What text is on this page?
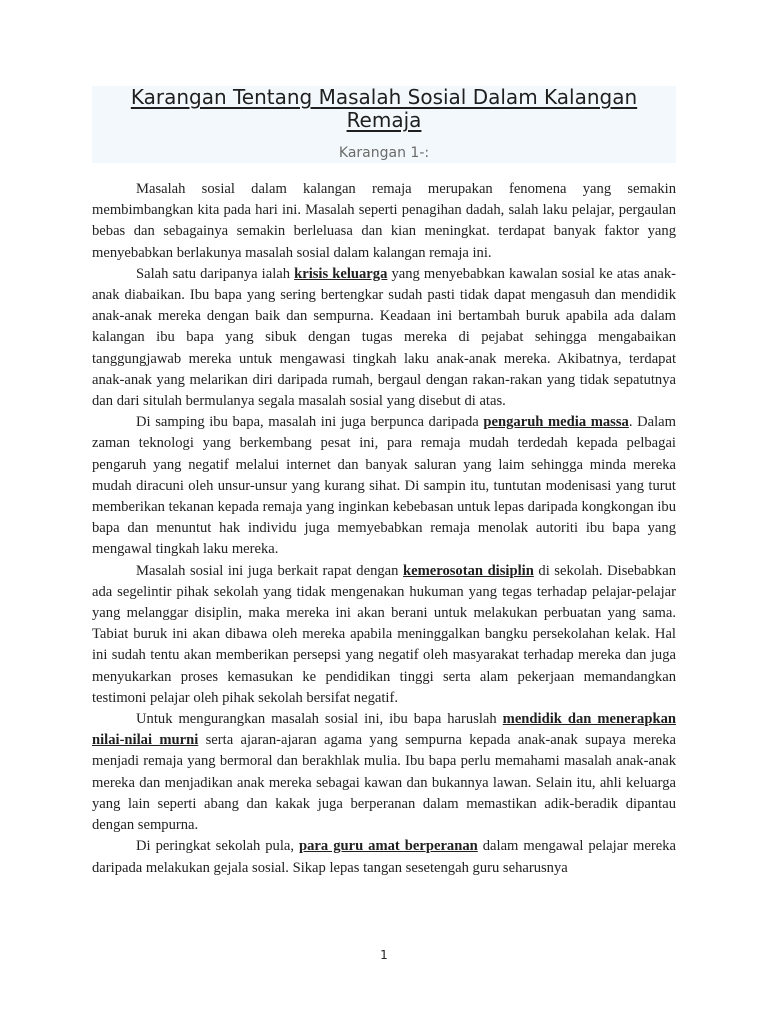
Karangan Tentang Masalah Sosial Dalam Kalangan Remaja
Karangan 1-:

Masalah sosial dalam kalangan remaja merupakan fenomena yang semakin membimbangkan kita pada hari ini. Masalah seperti penagihan dadah, salah laku pelajar, pergaulan bebas dan sebagainya semakin berleluasa dan kian meningkat. terdapat banyak faktor yang menyebabkan berlakunya masalah sosial dalam kalangan remaja ini.

Salah satu daripanya ialah krisis keluarga yang menyebabkan kawalan sosial ke atas anak-anak diabaikan. Ibu bapa yang sering bertengkar sudah pasti tidak dapat mengasuh dan mendidik anak-anak mereka dengan baik dan sempurna. Keadaan ini bertambah buruk apabila ada dalam kalangan ibu bapa yang sibuk dengan tugas mereka di pejabat sehingga mengabaikan tanggungjawab mereka untuk mengawasi tingkah laku anak-anak mereka. Akibatnya, terdapat anak-anak yang melarikan diri daripada rumah, bergaul dengan rakan-rakan yang tidak sepatutnya dan dari situlah bermulanya segala masalah sosial yang disebut di atas.

Di samping ibu bapa, masalah ini juga berpunca daripada pengaruh media massa. Dalam zaman teknologi yang berkembang pesat ini, para remaja mudah terdedah kepada pelbagai pengaruh yang negatif melalui internet dan banyak saluran yang laim sehingga minda mereka mudah diracuni oleh unsur-unsur yang kurang sihat. Di sampin itu, tuntutan modenisasi yang turut memberikan tekanan kepada remaja yang inginkan kebebasan untuk lepas daripada kongkongan ibu bapa dan menuntut hak individu juga memyebabkan remaja menolak autoriti ibu bapa yang mengawal tingkah laku mereka.

Masalah sosial ini juga berkait rapat dengan kemerosotan disiplin di sekolah. Disebabkan ada segelintir pihak sekolah yang tidak mengenakan hukuman yang tegas terhadap pelajar-pelajar yang melanggar disiplin, maka mereka ini akan berani untuk melakukan perbuatan yang sama. Tabiat buruk ini akan dibawa oleh mereka apabila meninggalkan bangku persekolahan kelak. Hal ini sudah tentu akan memberikan persepsi yang negatif oleh masyarakat terhadap mereka dan juga menyukarkan proses kemasukan ke pendidikan tinggi serta alam pekerjaan memandangkan testimoni pelajar oleh pihak sekolah bersifat negatif.

Untuk mengurangkan masalah sosial ini, ibu bapa haruslah mendidik dan menerapkan nilai-nilai murni serta ajaran-ajaran agama yang sempurna kepada anak-anak supaya mereka menjadi remaja yang bermoral dan berakhlak mulia. Ibu bapa perlu memahami masalah anak-anak mereka dan menjadikan anak mereka sebagai kawan dan bukannya lawan. Selain itu, ahli keluarga yang lain seperti abang dan kakak juga berperanan dalam memastikan adik-beradik dipantau dengan sempurna.

Di peringkat sekolah pula, para guru amat berperanan dalam mengawal pelajar mereka daripada melakukan gejala sosial. Sikap lepas tangan sesetengah guru seharusnya

1
